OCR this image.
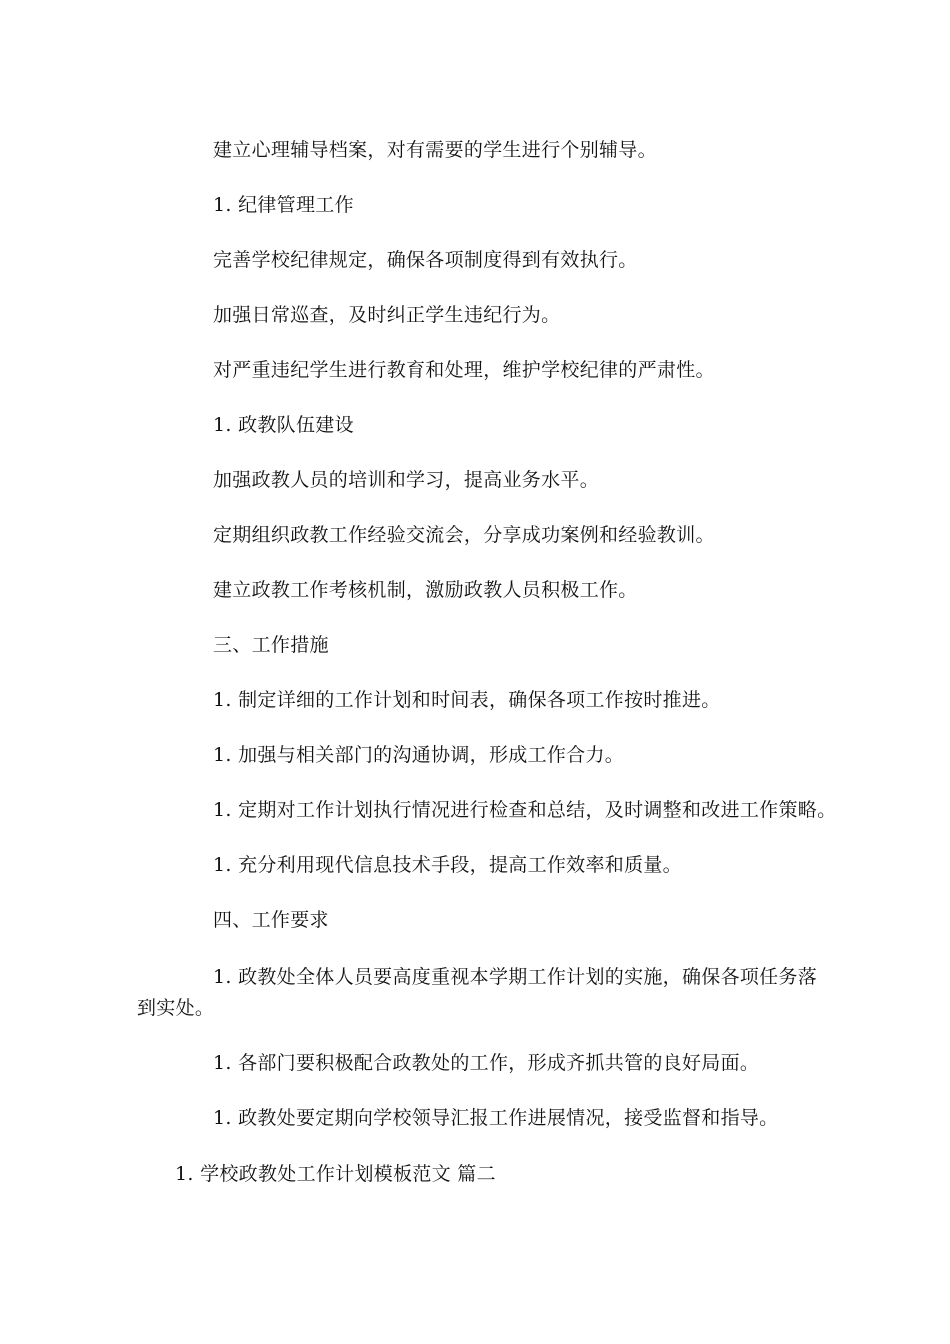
建立心理辅导档案，对有需要的学生进行个别辅导。

1. 纪律管理工作

完善学校纪律规定，确保各项制度得到有效执行。

加强日常巡查，及时纠正学生违纪行为。

对严重违纪学生进行教育和处理，维护学校纪律的严肃性。

1. 政教队伍建设

加强政教人员的培训和学习，提高业务水平。

定期组织政教工作经验交流会，分享成功案例和经验教训。

建立政教工作考核机制，激励政教人员积极工作。

三、工作措施

1. 制定详细的工作计划和时间表，确保各项工作按时推进。

1. 加强与相关部门的沟通协调，形成工作合力。

1. 定期对工作计划执行情况进行检查和总结，及时调整和改进工作策略。

1. 充分利用现代信息技术手段，提高工作效率和质量。

四、工作要求

1. 政教处全体人员要高度重视本学期工作计划的实施，确保各项任务落

到实处。

1. 各部门要积极配合政教处的工作，形成齐抓共管的良好局面。

1. 政教处要定期向学校领导汇报工作进展情况，接受监督和指导。

1. 学校政教处工作计划模板范文 篇二
